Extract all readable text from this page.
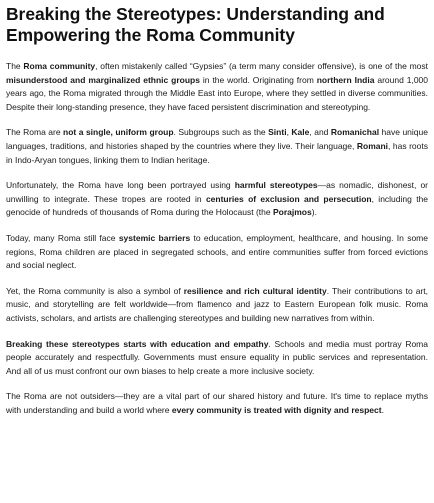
Breaking the Stereotypes: Understanding and Empowering the Roma Community

The Roma community, often mistakenly called “Gypsies” (a term many consider offensive), is one of the most misunderstood and marginalized ethnic groups in the world. Originating from northern India around 1,000 years ago, the Roma migrated through the Middle East into Europe, where they settled in diverse communities. Despite their long-standing presence, they have faced persistent discrimination and stereotyping.

The Roma are not a single, uniform group. Subgroups such as the Sinti, Kale, and Romanichal have unique languages, traditions, and histories shaped by the countries where they live. Their language, Romani, has roots in Indo-Aryan tongues, linking them to Indian heritage.

Unfortunately, the Roma have long been portrayed using harmful stereotypes—as nomadic, dishonest, or unwilling to integrate. These tropes are rooted in centuries of exclusion and persecution, including the genocide of hundreds of thousands of Roma during the Holocaust (the Porajmos).

Today, many Roma still face systemic barriers to education, employment, healthcare, and housing. In some regions, Roma children are placed in segregated schools, and entire communities suffer from forced evictions and social neglect.

Yet, the Roma community is also a symbol of resilience and rich cultural identity. Their contributions to art, music, and storytelling are felt worldwide—from flamenco and jazz to Eastern European folk music. Roma activists, scholars, and artists are challenging stereotypes and building new narratives from within.

Breaking these stereotypes starts with education and empathy. Schools and media must portray Roma people accurately and respectfully. Governments must ensure equality in public services and representation. And all of us must confront our own biases to help create a more inclusive society.

The Roma are not outsiders—they are a vital part of our shared history and future. It's time to replace myths with understanding and build a world where every community is treated with dignity and respect.
